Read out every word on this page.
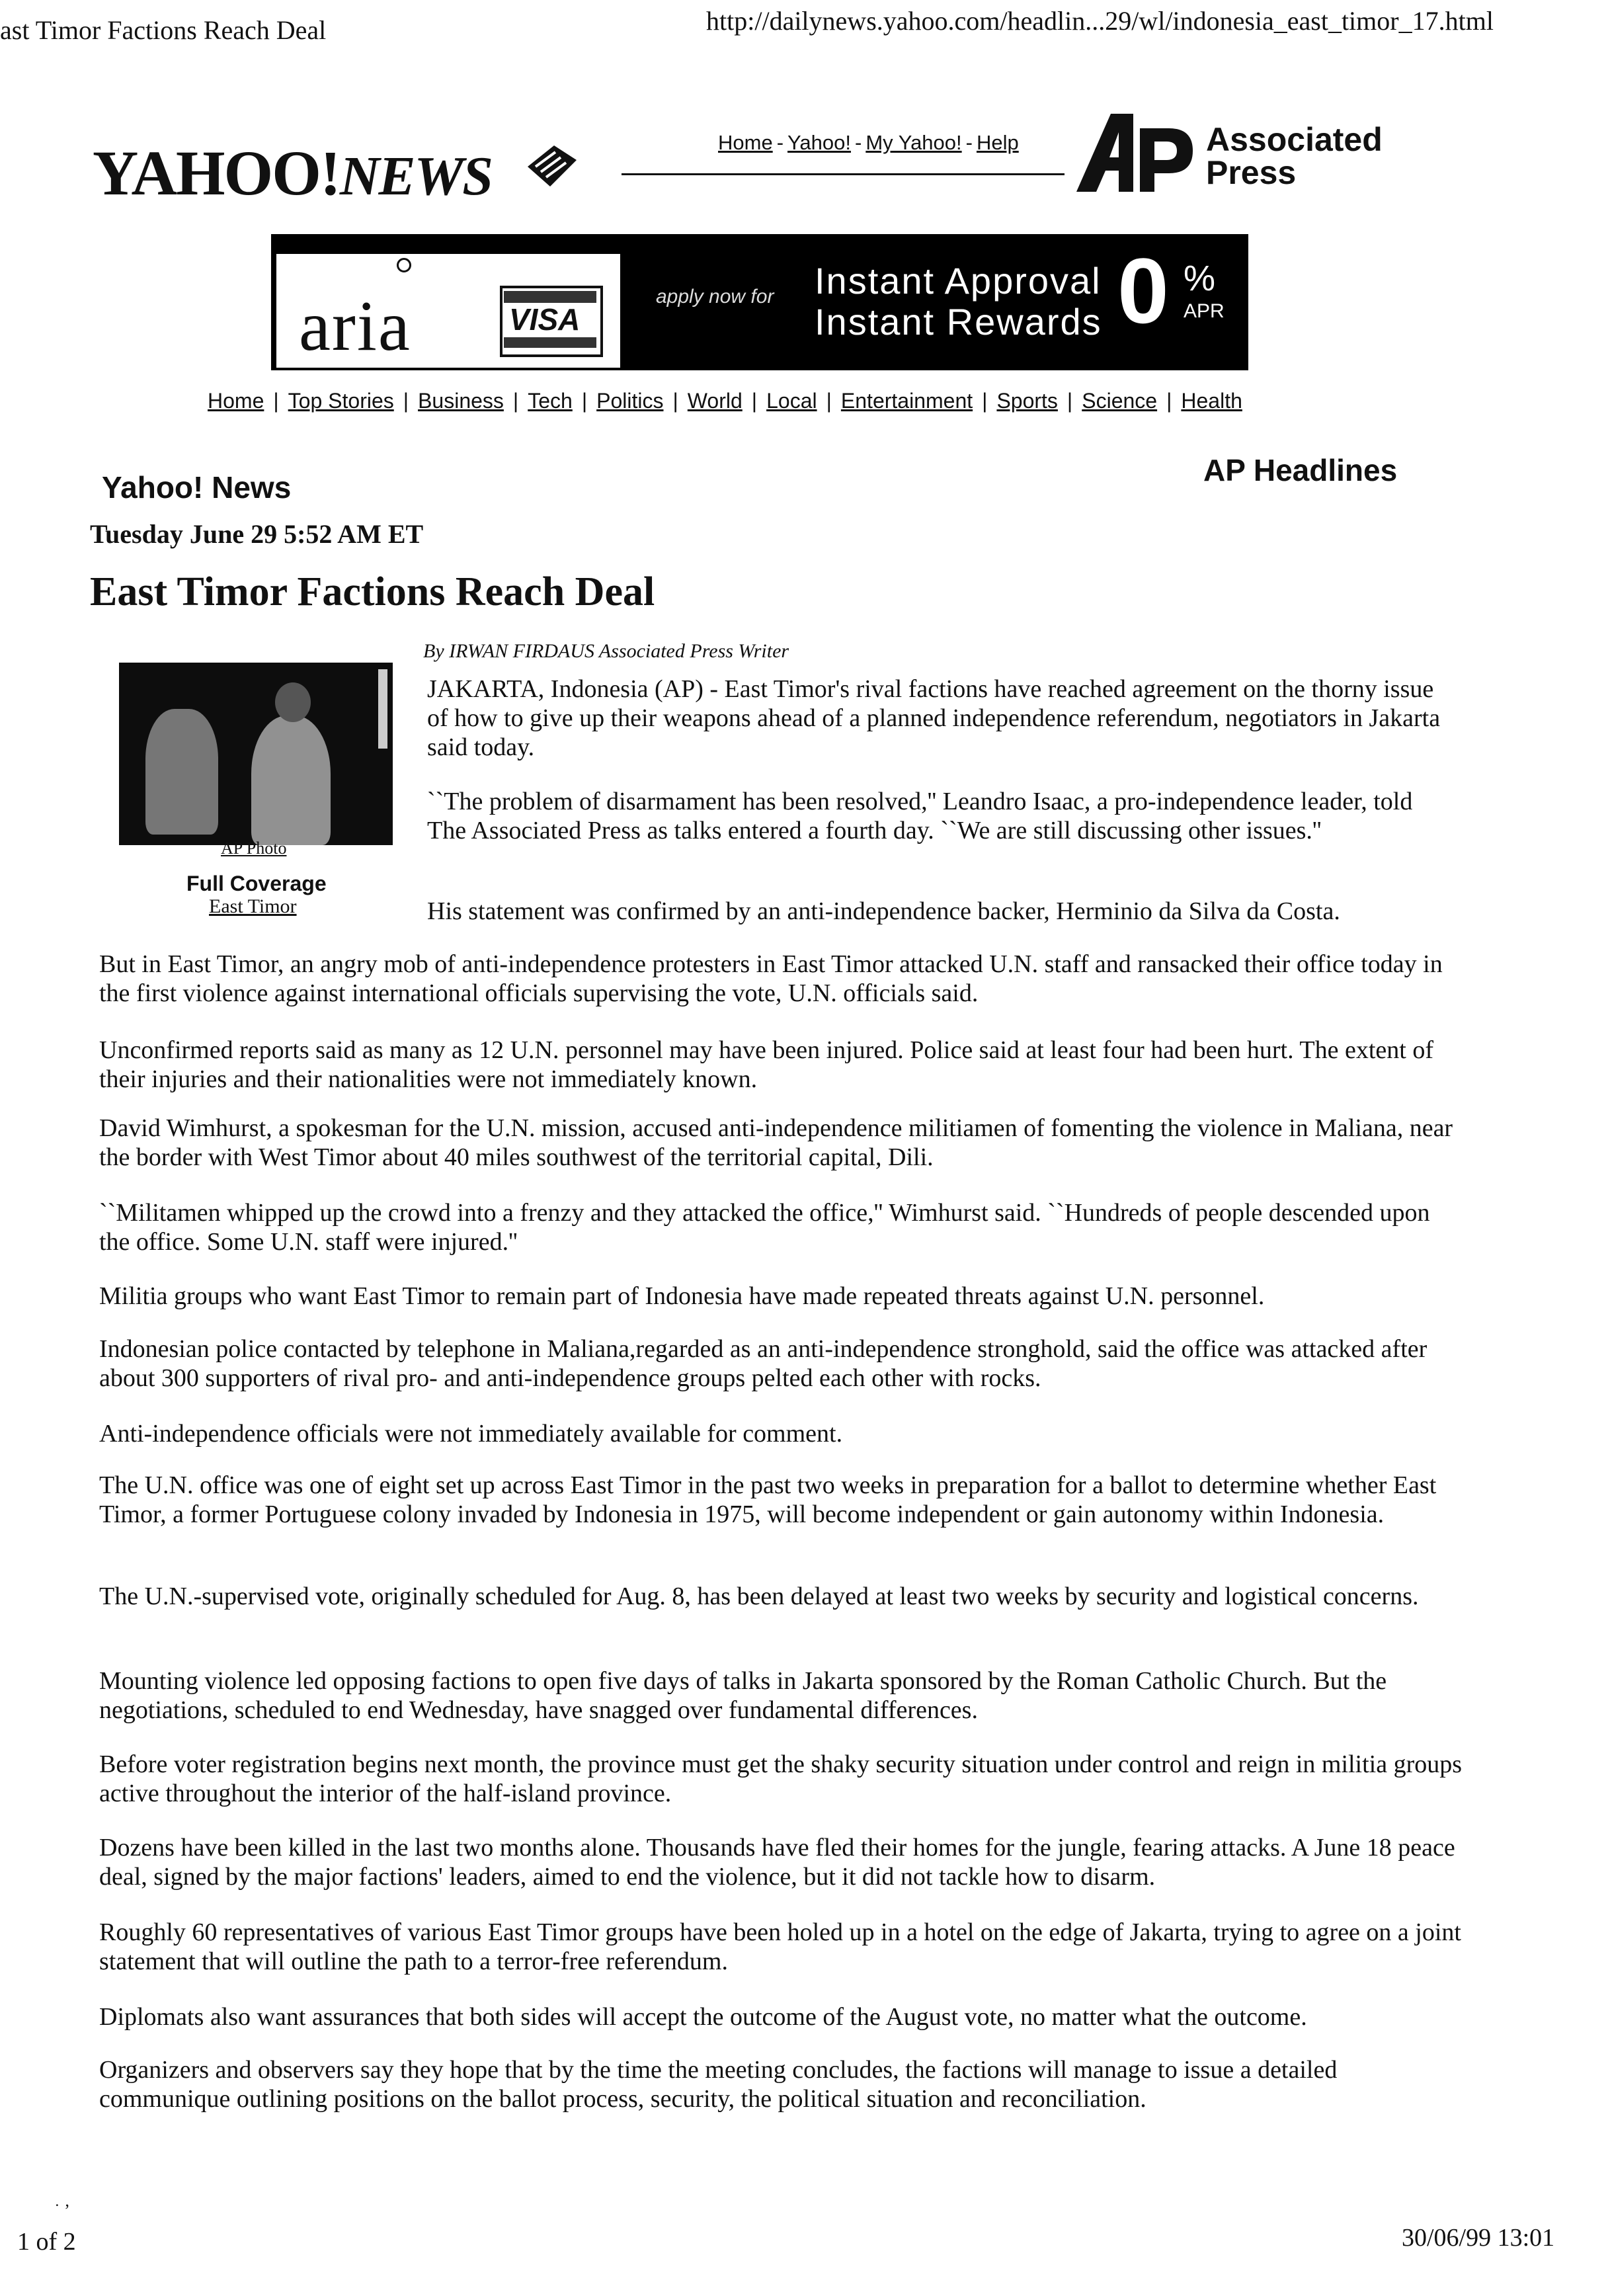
ast Timor Factions Reach Deal	http://dailynews.yahoo.com/headlin...29/wl/indonesia_east_timor_17.html
YAHOO!NEWS
Home - Yahoo! - My Yahoo! - Help
AP
Associated
Press
aria	VISA
apply now for Instant Approval
Instant Rewards 0 %
APR
Home | Top Stories | Business | Tech | Politics | World | Local | Entertainment | Sports | Science | Health
Yahoo! News	AP Headlines
Tuesday June 29 5:52 AM ET
East Timor Factions Reach Deal
AP Photo
Full Coverage
East Timor
By IRWAN FIRDAUS Associated Press Writer

JAKARTA, Indonesia (AP) - East Timor's rival factions have reached agreement on the thorny issue of how to give up their weapons ahead of a planned independence referendum, negotiators in Jakarta said today.

``The problem of disarmament has been resolved,'' Leandro Isaac, a pro-independence leader, told The Associated Press as talks entered a fourth day. ``We are still discussing other issues.''

His statement was confirmed by an anti-independence backer, Herminio da Silva da Costa.

But in East Timor, an angry mob of anti-independence protesters in East Timor attacked U.N. staff and ransacked their office today in the first violence against international officials supervising the vote, U.N. officials said.

Unconfirmed reports said as many as 12 U.N. personnel may have been injured. Police said at least four had been hurt. The extent of their injuries and their nationalities were not immediately known.

David Wimhurst, a spokesman for the U.N. mission, accused anti-independence militiamen of fomenting the violence in Maliana, near the border with West Timor about 40 miles southwest of the territorial capital, Dili.

``Militamen whipped up the crowd into a frenzy and they attacked the office,'' Wimhurst said. ``Hundreds of people descended upon the office. Some U.N. staff were injured.''

Militia groups who want East Timor to remain part of Indonesia have made repeated threats against U.N. personnel.

Indonesian police contacted by telephone in Maliana,regarded as an anti-independence stronghold, said the office was attacked after about 300 supporters of rival pro- and anti-independence groups pelted each other with rocks.

Anti-independence officials were not immediately available for comment.

The U.N. office was one of eight set up across East Timor in the past two weeks in preparation for a ballot to determine whether East Timor, a former Portuguese colony invaded by Indonesia in 1975, will become independent or gain autonomy within Indonesia.

The U.N.-supervised vote, originally scheduled for Aug. 8, has been delayed at least two weeks by security and logistical concerns.

Mounting violence led opposing factions to open five days of talks in Jakarta sponsored by the Roman Catholic Church. But the negotiations, scheduled to end Wednesday, have snagged over fundamental differences.

Before voter registration begins next month, the province must get the shaky security situation under control and reign in militia groups active throughout the interior of the half-island province.

Dozens have been killed in the last two months alone. Thousands have fled their homes for the jungle, fearing attacks. A June 18 peace deal, signed by the major factions' leaders, aimed to end the violence, but it did not tackle how to disarm.

Roughly 60 representatives of various East Timor groups have been holed up in a hotel on the edge of Jakarta, trying to agree on a joint statement that will outline the path to a terror-free referendum.

Diplomats also want assurances that both sides will accept the outcome of the August vote, no matter what the outcome.

Organizers and observers say they hope that by the time the meeting concludes, the factions will manage to issue a detailed communique outlining positions on the ballot process, security, the political situation and reconciliation.

˙ ’
1 of 2	30/06/99 13:01
